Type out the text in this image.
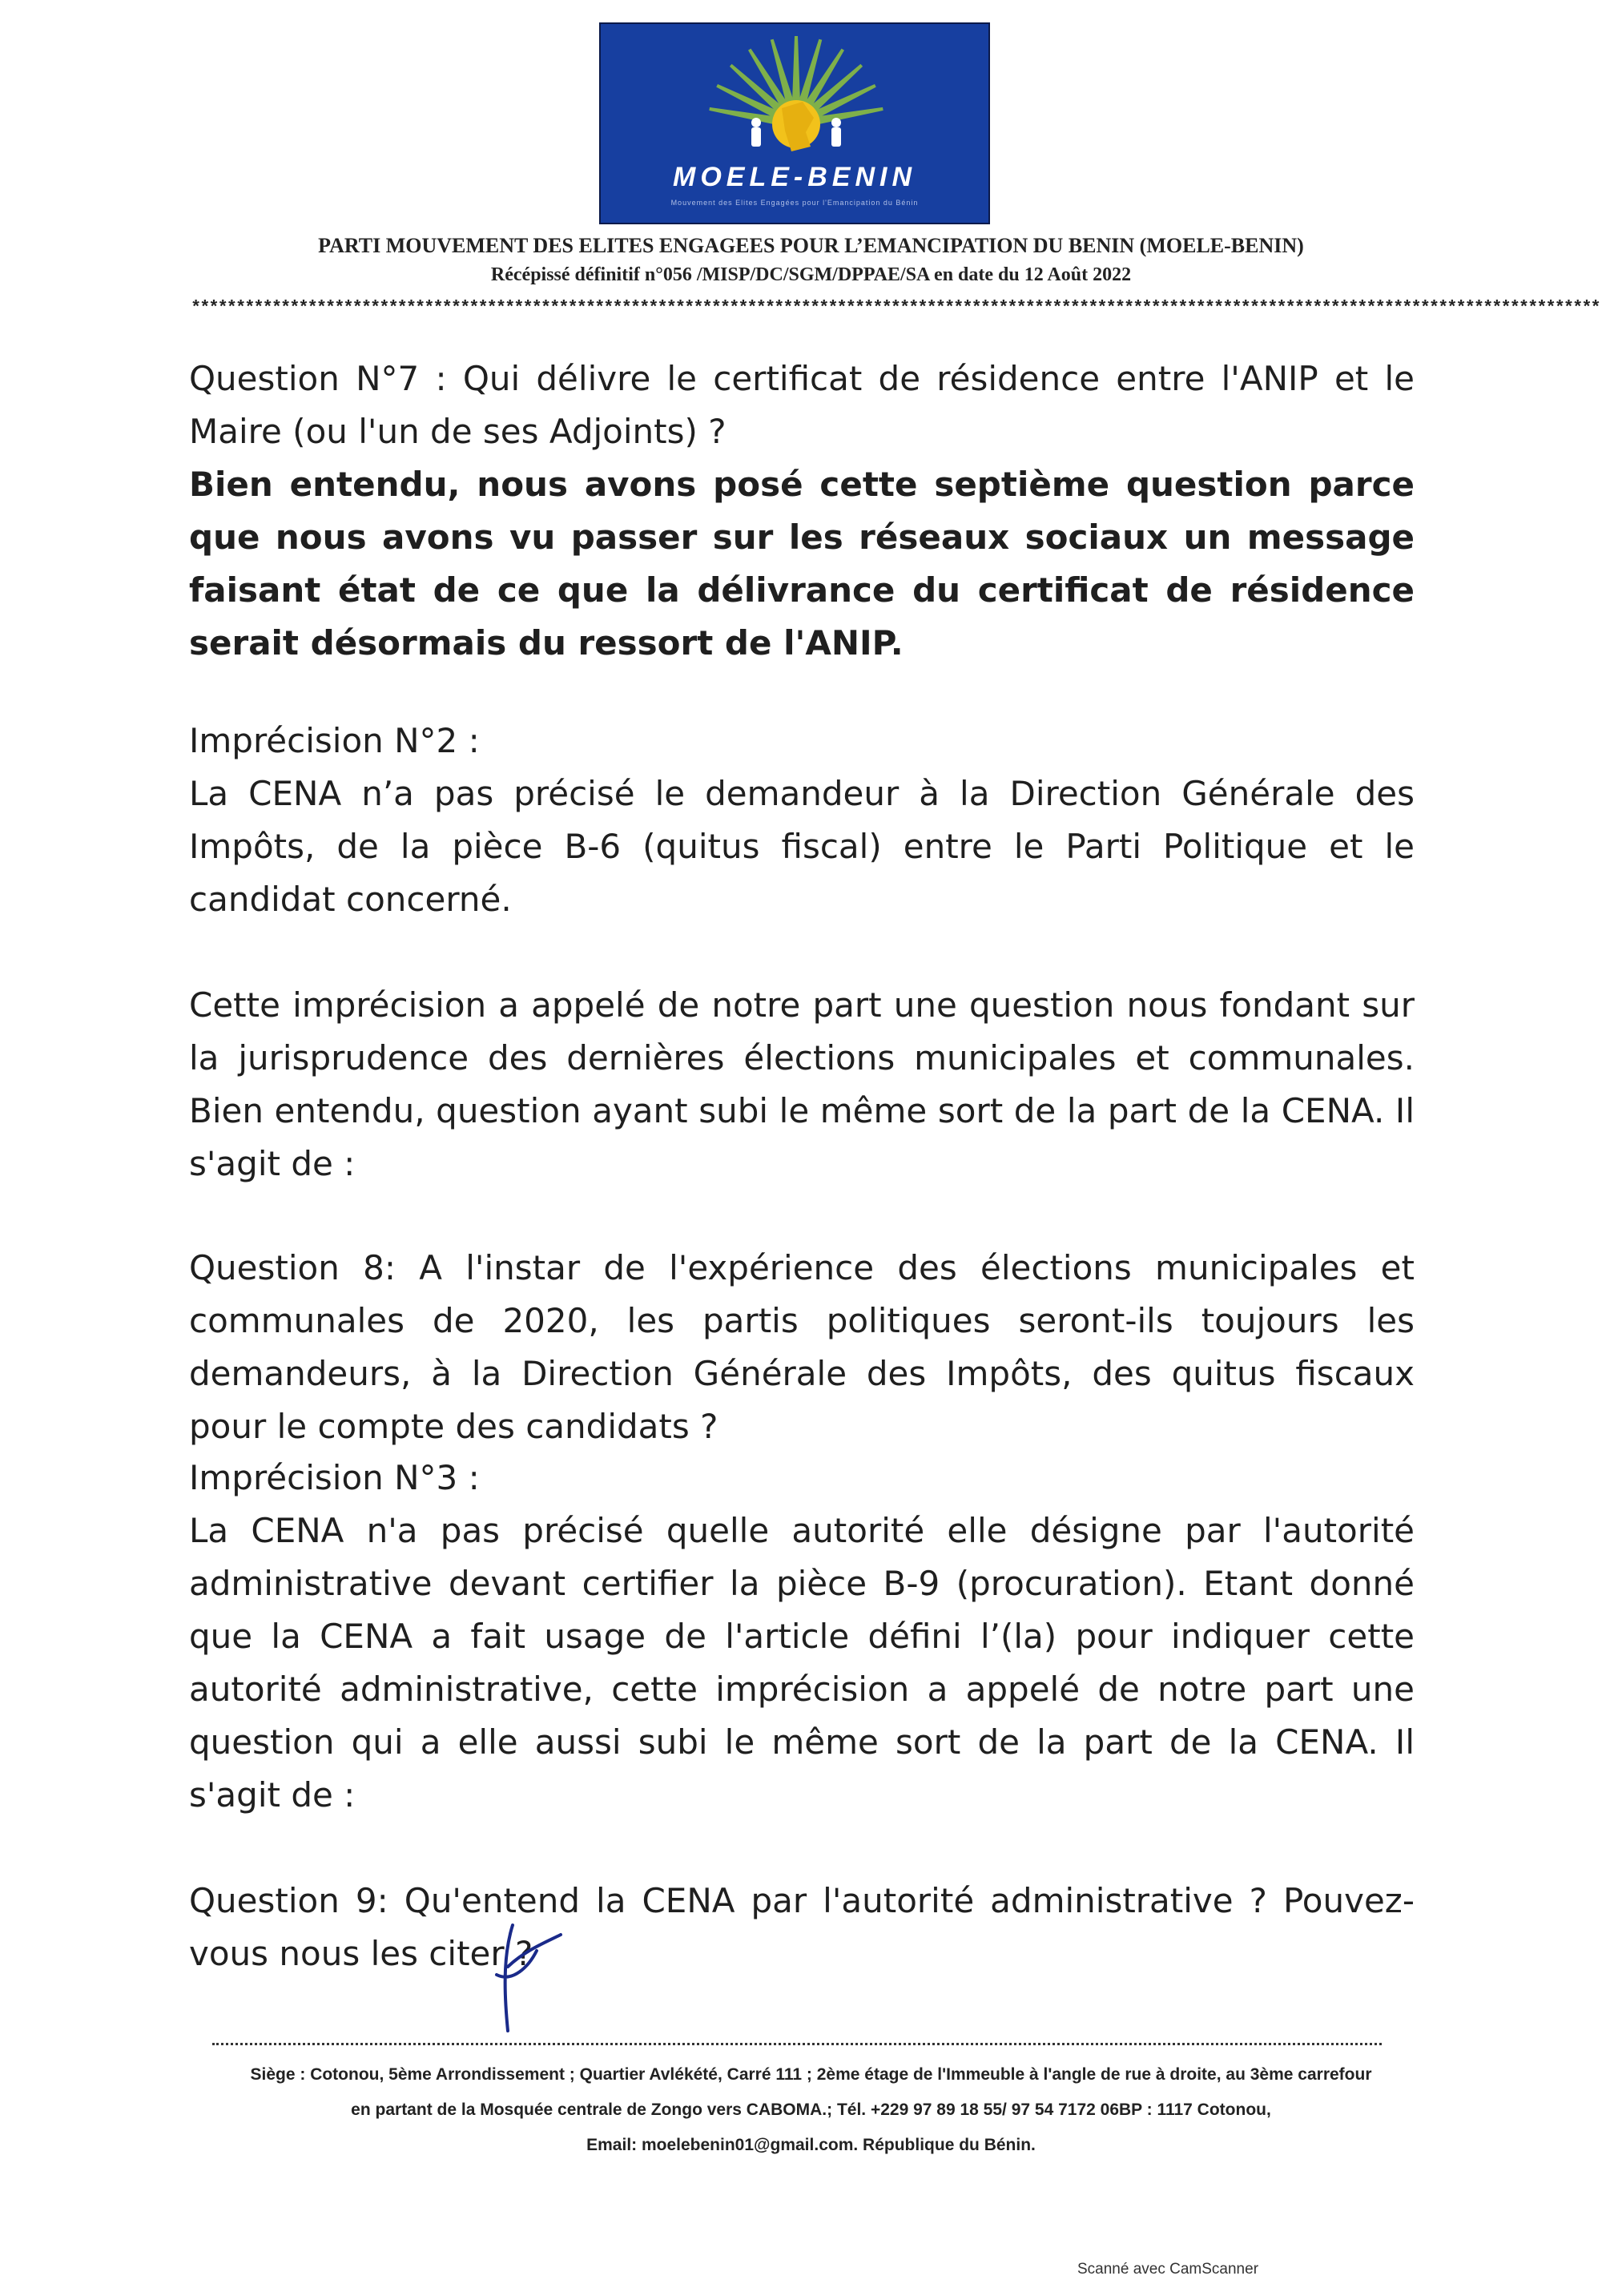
MOELE-BENIN
Mouvement des Elites Engagées pour l'Emancipation du Bénin
PARTI MOUVEMENT DES ELITES ENGAGEES POUR L’EMANCIPATION DU BENIN (MOELE-BENIN)
Récépissé définitif n°056 /MISP/DC/SGM/DPPAE/SA en date du 12 Août 2022
*************************************************************************************************************************************************************
Question N°7 : Qui délivre le certificat de résidence entre l'ANIP et le Maire (ou l'un de ses Adjoints) ?
Bien entendu, nous avons posé cette septième question parce que nous avons vu passer sur les réseaux sociaux un message faisant état de ce que la délivrance du certificat de résidence serait désormais du ressort de l'ANIP.
Imprécision N°2 :
La CENA n’a pas précisé le demandeur à la Direction Générale des Impôts, de la pièce B-6 (quitus fiscal) entre le Parti Politique et le candidat concerné.
Cette imprécision a appelé de notre part une question nous fondant sur la jurisprudence des dernières élections municipales et communales. Bien entendu, question ayant subi le même sort de la part de la CENA. Il s'agit de :
Question 8: A l'instar de l'expérience des élections municipales et communales de 2020, les partis politiques seront-ils toujours les demandeurs, à la Direction Générale des Impôts, des quitus fiscaux pour le compte des candidats ?
Imprécision N°3 :
La CENA n'a pas précisé quelle autorité elle désigne par l'autorité administrative devant certifier la pièce B-9 (procuration). Etant donné que la CENA a fait usage de l'article défini l’(la) pour indiquer cette autorité administrative, cette imprécision a appelé de notre part une question qui a elle aussi subi le même sort de la part de la CENA. Il s'agit de :
Question 9: Qu'entend la CENA par l'autorité administrative ? Pouvez-vous nous les citer ?
Siège : Cotonou, 5ème Arrondissement ; Quartier Avlékété, Carré 111 ; 2ème étage de l'Immeuble à l'angle de rue à droite, au 3ème carrefour
en partant de la Mosquée centrale de Zongo vers CABOMA.; Tél. +229 97 89 18 55/ 97 54 7172 06BP : 1117 Cotonou,
Email: moelebenin01@gmail.com. République du Bénin.
Scanné avec CamScanner
